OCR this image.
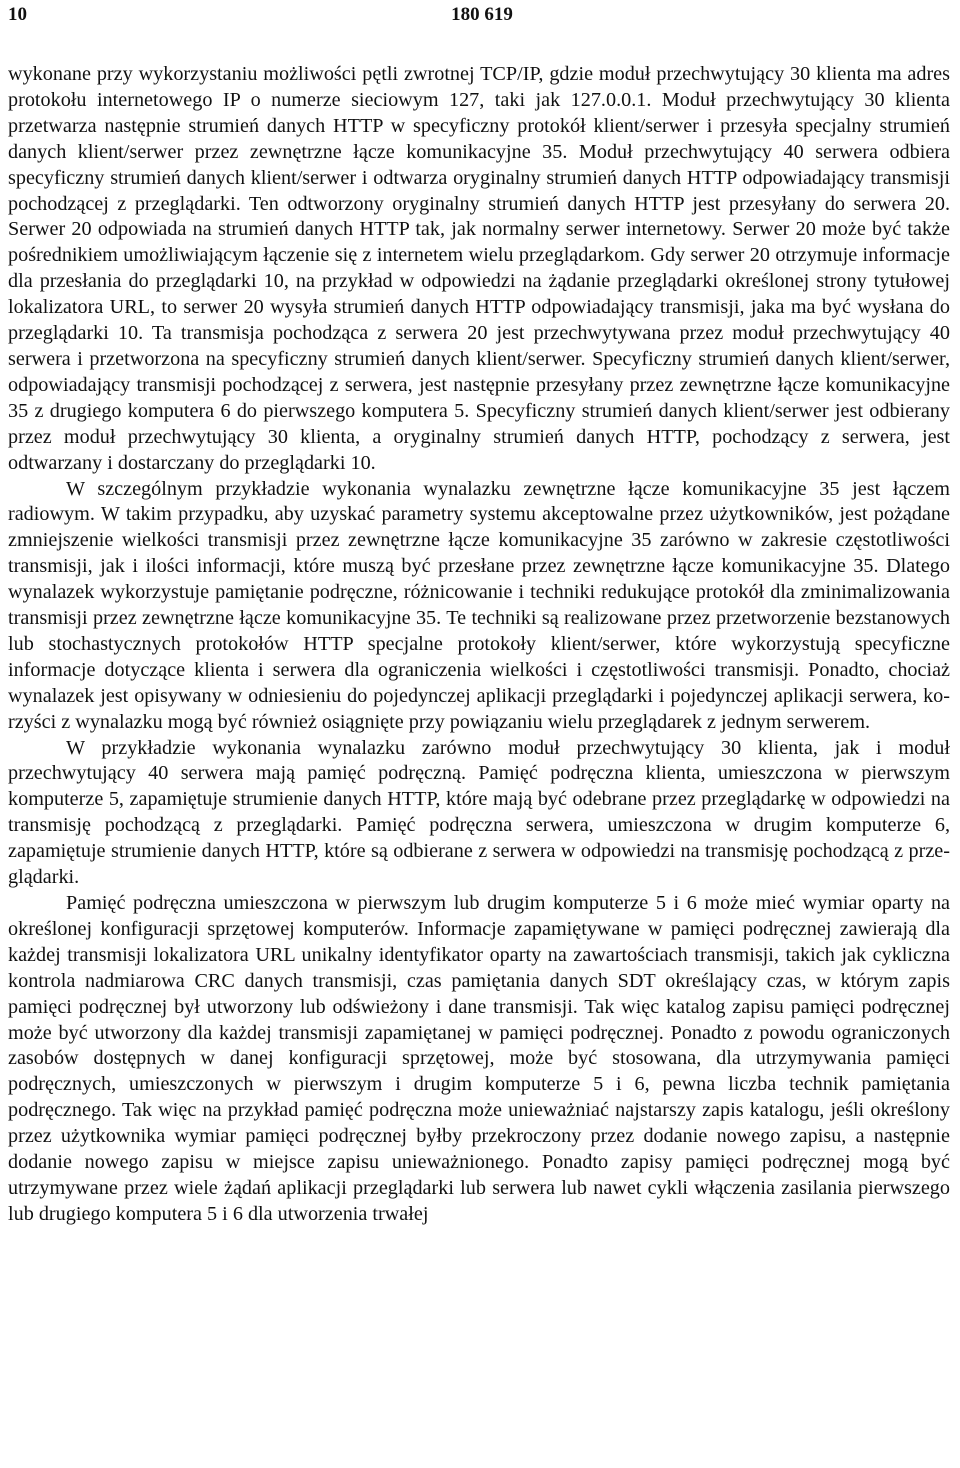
10	180 619

wykonane przy wykorzystaniu możliwości pętli zwrotnej TCP/IP, gdzie moduł przechwytujący 30 klienta ma adres protokołu internetowego IP o numerze sieciowym 127, taki jak 127.0.0.1. Moduł przechwytujący 30 klienta przetwarza następnie strumień danych HTTP w specyficzny protokół klient/serwer i przesyła specjalny strumień danych klient/serwer przez zewnętrzne łącze komunikacyjne 35. Moduł przechwytujący 40 serwera odbiera specyficzny strumień danych klient/serwer i odtwarza oryginalny strumień danych HTTP odpowiadający transmisji pochodzącej z przeglądarki. Ten odtworzony oryginalny strumień danych HTTP jest przesyłany do serwera 20. Serwer 20 odpowiada na strumień danych HTTP tak, jak normalny serwer internetowy. Serwer 20 może być także pośrednikiem umożliwiającym łączenie się z internetem wielu przeglądarkom. Gdy serwer 20 otrzymuje informacje dla przesłania do przeglądarki 10, na przykład w odpowiedzi na żądanie przeglądarki określonej strony tytułowej lokalizatora URL, to serwer 20 wysyła strumień danych HTTP odpowiadający transmisji, jaka ma być wysłana do przeglądarki 10. Ta transmisja pochodząca z serwera 20 jest przechwytywana przez moduł przechwytujący 40 serwera i przetworzona na specyficzny strumień danych klient/serwer. Specyficzny strumień danych klient/serwer, odpowiadający transmisji pochodzącej z serwera, jest następnie przesyłany przez zewnętrzne łącze komunikacyjne 35 z drugiego komputera 6 do pierwszego komputera 5. Specyficzny strumień danych klient/serwer jest odbierany przez moduł przechwytujący 30 klienta, a oryginalny strumień danych HTTP, pochodzący z serwera, jest odtwarzany i dostarczany do przeglądarki 10.

W szczególnym przykładzie wykonania wynalazku zewnętrzne łącze komunikacyjne 35 jest łączem radiowym. W takim przypadku, aby uzyskać parametry systemu akceptowalne przez użytkowników, jest pożądane zmniejszenie wielkości transmisji przez zewnętrzne łącze komunikacyjne 35 zarówno w zakresie częstotliwości transmisji, jak i ilości informacji, które muszą być przesłane przez zewnętrzne łącze komunikacyjne 35. Dlatego wynalazek wykorzystuje pamiętanie podręczne, różnicowanie i techniki redukujące protokół dla zminimalizowania transmisji przez zewnętrzne łącze komunikacyjne 35. Te techniki są realizowane przez przetworzenie bezstanowych lub stochastycznych protokołów HTTP specjalne protokoły klient/serwer, które wykorzystują specyficzne informacje dotyczące klienta i serwera dla ograniczenia wielkości i częstotliwości transmisji. Ponadto, chociaż wynalazek jest opisywany w odniesieniu do pojedynczej aplikacji przeglądarki i pojedynczej aplikacji serwera, korzyści z wynalazku mogą być również osiągnięte przy powiązaniu wielu przeglądarek z jednym serwerem.

W przykładzie wykonania wynalazku zarówno moduł przechwytujący 30 klienta, jak i moduł przechwytujący 40 serwera mają pamięć podręczną. Pamięć podręczna klienta, umieszczona w pierwszym komputerze 5, zapamiętuje strumienie danych HTTP, które mają być odebrane przez przeglądarkę w odpowiedzi na transmisję pochodzącą z przeglądarki. Pamięć podręczna serwera, umieszczona w drugim komputerze 6, zapamiętuje strumienie danych HTTP, które są odbierane z serwera w odpowiedzi na transmisję pochodzącą z przeglądarki.

Pamięć podręczna umieszczona w pierwszym lub drugim komputerze 5 i 6 może mieć wymiar oparty na określonej konfiguracji sprzętowej komputerów. Informacje zapamiętywane w pamięci podręcznej zawierają dla każdej transmisji lokalizatora URL unikalny identyfikator oparty na zawartościach transmisji, takich jak cykliczna kontrola nadmiarowa CRC danych transmisji, czas pamiętania danych SDT określający czas, w którym zapis pamięci podręcznej był utworzony lub odświeżony i dane transmisji. Tak więc katalog zapisu pamięci podręcznej może być utworzony dla każdej transmisji zapamiętanej w pamięci podręcznej. Ponadto z powodu ograniczonych zasobów dostępnych w danej konfiguracji sprzętowej, może być stosowana, dla utrzymywania pamięci podręcznych, umieszczonych w pierwszym i drugim komputerze 5 i 6, pewna liczba technik pamiętania podręcznego. Tak więc na przykład pamięć podręczna może unieważniać najstarszy zapis katalogu, jeśli określony przez użytkownika wymiar pamięci podręcznej byłby przekroczony przez dodanie nowego zapisu, a następnie dodanie nowego zapisu w miejsce zapisu unieważnionego. Ponadto zapisy pamięci podręcznej mogą być utrzymywane przez wiele żądań aplikacji przeglądarki lub serwera lub nawet cykli włączenia zasilania pierwszego lub drugiego komputera 5 i 6 dla utworzenia trwałej
